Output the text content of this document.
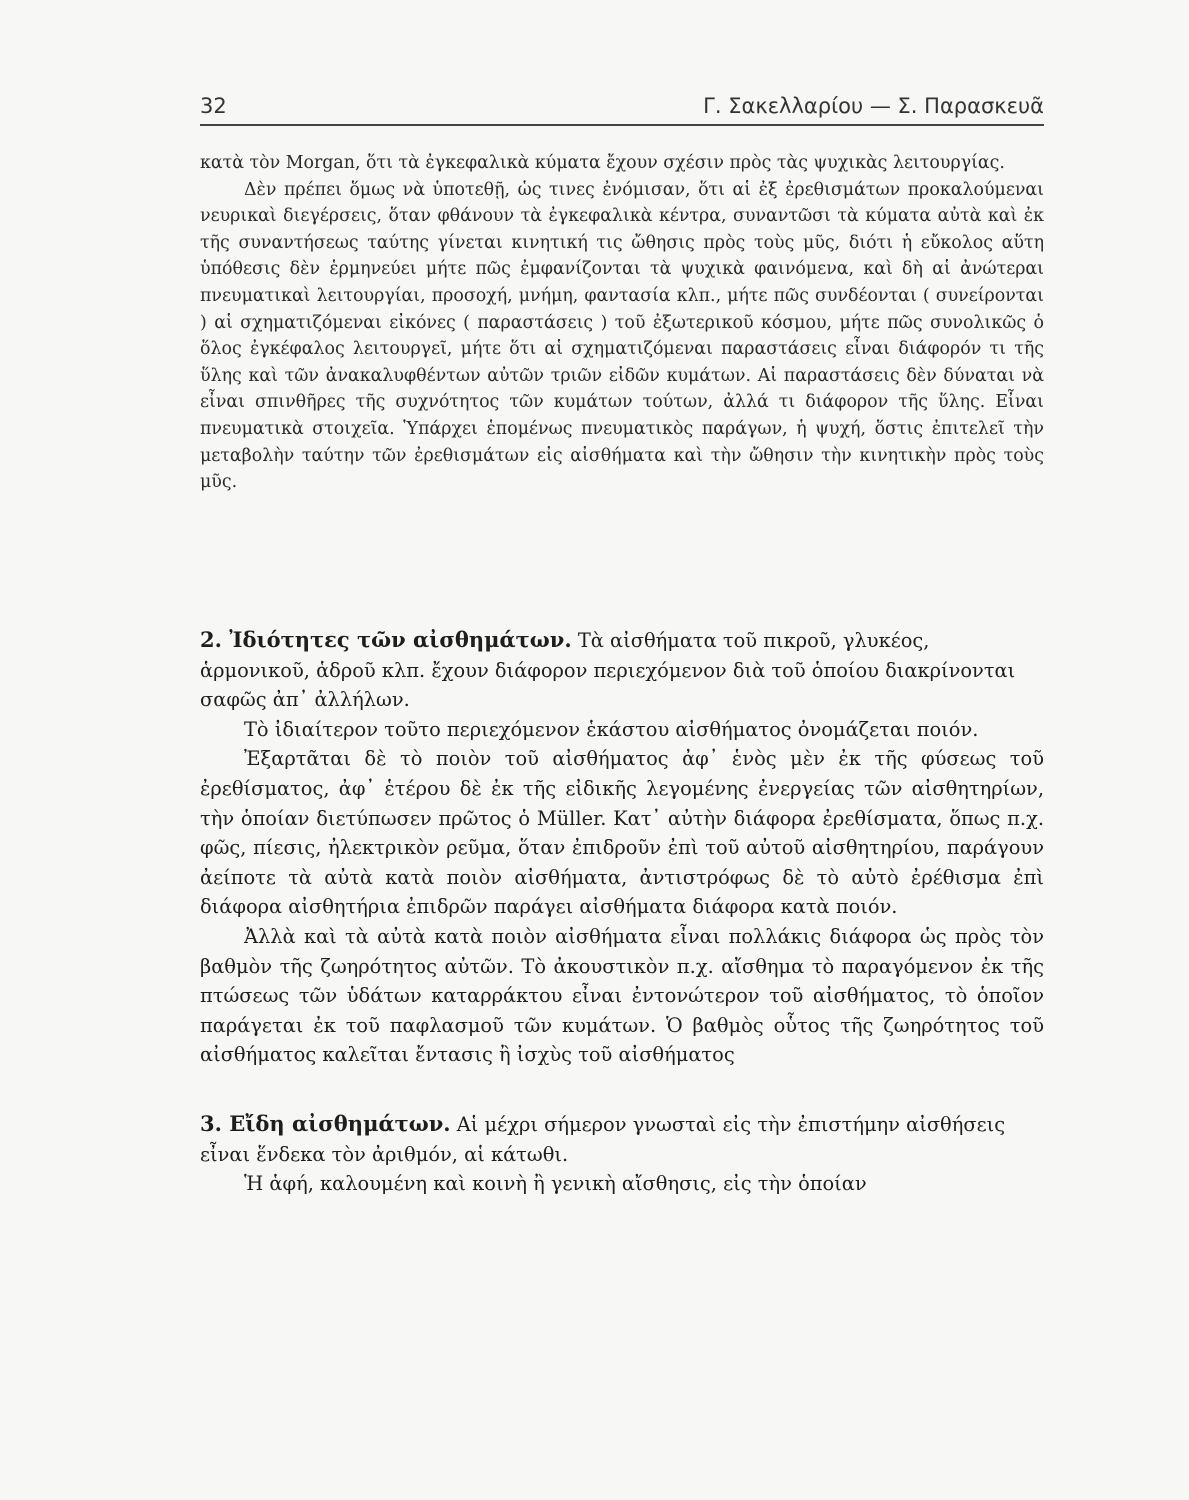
32	Γ. Σακελλαρίου — Σ. Παρασκευᾶ

κατὰ τὸν Morgan, ὅτι τὰ ἐγκεφαλικὰ κύματα ἔχουν σχέσιν πρὸς τὰς ψυχικὰς λειτουργίας.

Δὲν πρέπει ὅμως νὰ ὑποτεθῇ, ὡς τινες ἐνόμισαν, ὅτι αἱ ἐξ ἐρεθισμάτων προκαλούμεναι νευρικαὶ διεγέρσεις, ὅταν φθάνουν τὰ ἐγκεφαλικὰ κέντρα, συναντῶσι τὰ κύματα αὐτὰ καὶ ἐκ τῆς συναντήσεως ταύτης γίνεται κινητική τις ὤθησις πρὸς τοὺς μῦς, διότι ἡ εὔκολος αὕτη ὑπόθεσις δὲν ἑρμηνεύει μήτε πῶς ἐμφανίζονται τὰ ψυχικὰ φαινόμενα, καὶ δὴ αἱ ἀνώτεραι πνευματικαὶ λειτουργίαι, προσοχή, μνήμη, φαντασία κλπ., μήτε πῶς συνδέονται ( συνείρονται ) αἱ σχηματιζόμεναι εἰκόνες ( παραστάσεις ) τοῦ ἐξωτερικοῦ κόσμου, μήτε πῶς συνολικῶς ὁ ὅλος ἐγκέφαλος λειτουργεῖ, μήτε ὅτι αἱ σχηματιζόμεναι παραστάσεις εἶναι διάφορόν τι τῆς ὕλης καὶ τῶν ἀνακαλυφθέντων αὐτῶν τριῶν εἰδῶν κυμάτων. Αἱ παραστάσεις δὲν δύναται νὰ εἶναι σπινθῆρες τῆς συχνότητος τῶν κυμάτων τούτων, ἀλλά τι διάφορον τῆς ὕλης. Εἶναι πνευματικὰ στοιχεῖα. Ὑπάρχει ἑπομένως πνευματικὸς παράγων, ἡ ψυχή, ὅστις ἐπιτελεῖ τὴν μεταβολὴν ταύτην τῶν ἐρεθισμάτων εἰς αἰσθήματα καὶ τὴν ὤθησιν τὴν κινητικὴν πρὸς τοὺς μῦς.

2. Ἰδιότητες τῶν αἰσθημάτων. Τὰ αἰσθήματα τοῦ πικροῦ, γλυκέος, ἁρμονικοῦ, ἁδροῦ κλπ. ἔχουν διάφορον περιεχόμενον διὰ τοῦ ὁποίου διακρίνονται σαφῶς ἀπ᾿ ἀλλήλων.

Τὸ ἰδιαίτερον τοῦτο περιεχόμενον ἑκάστου αἰσθήματος ὀνομάζεται ποιόν.

Ἐξαρτᾶται δὲ τὸ ποιὸν τοῦ αἰσθήματος ἀφ᾿ ἑνὸς μὲν ἐκ τῆς φύσεως τοῦ ἐρεθίσματος, ἀφ᾿ ἑτέρου δὲ ἐκ τῆς εἰδικῆς λεγομένης ἐνεργείας τῶν αἰσθητηρίων, τὴν ὁποίαν διετύπωσεν πρῶτος ὁ Müller. Κατ᾿ αὐτὴν διάφορα ἐρεθίσματα, ὅπως π.χ. φῶς, πίεσις, ἠλεκτρικὸν ρεῦμα, ὅταν ἐπιδροῦν ἐπὶ τοῦ αὐτοῦ αἰσθητηρίου, παράγουν ἀείποτε τὰ αὐτὰ κατὰ ποιὸν αἰσθήματα, ἀντιστρόφως δὲ τὸ αὐτὸ ἐρέθισμα ἐπὶ διάφορα αἰσθητήρια ἐπιδρῶν παράγει αἰσθήματα διάφορα κατὰ ποιόν.

Ἀλλὰ καὶ τὰ αὐτὰ κατὰ ποιὸν αἰσθήματα εἶναι πολλάκις διάφορα ὡς πρὸς τὸν βαθμὸν τῆς ζωηρότητος αὐτῶν. Τὸ ἀκουστικὸν π.χ. αἴσθημα τὸ παραγόμενον ἐκ τῆς πτώσεως τῶν ὑδάτων καταρράκτου εἶναι ἐντονώτερον τοῦ αἰσθήματος, τὸ ὁποῖον παράγεται ἐκ τοῦ παφλασμοῦ τῶν κυμάτων. Ὁ βαθμὸς οὗτος τῆς ζωηρότητος τοῦ αἰσθήματος καλεῖται ἔντασις ἢ ἰσχὺς τοῦ αἰσθήματος

3. Εἴδη αἰσθημάτων. Αἱ μέχρι σήμερον γνωσταὶ εἰς τὴν ἐπιστήμην αἰσθήσεις εἶναι ἕνδεκα τὸν ἀριθμόν, αἱ κάτωθι.

Ἡ ἁφή, καλουμένη καὶ κοινὴ ἢ γενικὴ αἴσθησις, εἰς τὴν ὁποίαν
